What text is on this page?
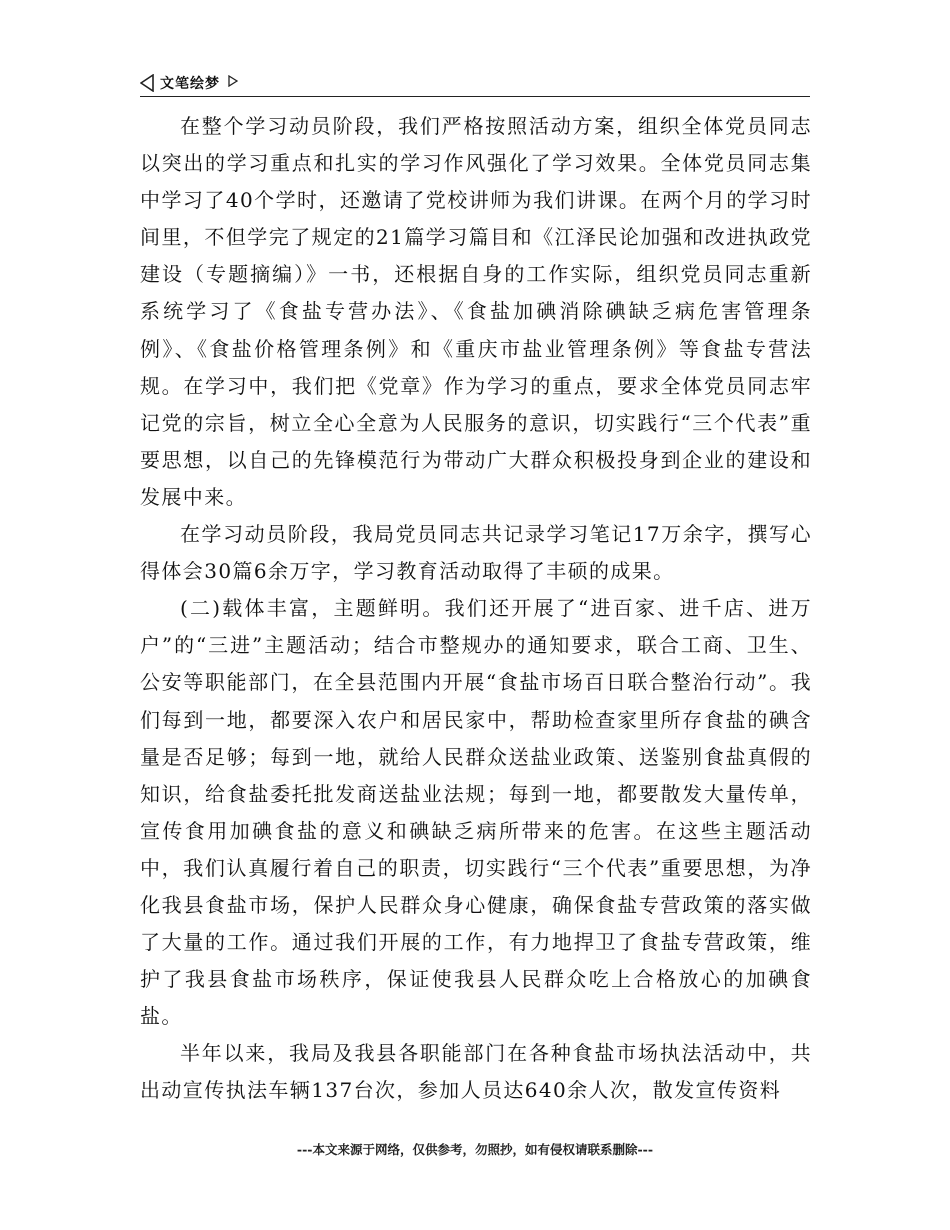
文笔绘梦

在整个学习动员阶段，我们严格按照活动方案，组织全体党员同志以突出的学习重点和扎实的学习作风强化了学习效果。全体党员同志集中学习了40个学时，还邀请了党校讲师为我们讲课。在两个月的学习时间里，不但学完了规定的21篇学习篇目和《江泽民论加强和改进执政党建设（专题摘编）》一书，还根据自身的工作实际，组织党员同志重新系统学习了《食盐专营办法》、《食盐加碘消除碘缺乏病危害管理条例》、《食盐价格管理条例》和《重庆市盐业管理条例》等食盐专营法规。在学习中，我们把《党章》作为学习的重点，要求全体党员同志牢记党的宗旨，树立全心全意为人民服务的意识，切实践行“三个代表”重要思想，以自己的先锋模范行为带动广大群众积极投身到企业的建设和发展中来。

在学习动员阶段，我局党员同志共记录学习笔记17万余字，撰写心得体会30篇6余万字，学习教育活动取得了丰硕的成果。

(二)载体丰富，主题鲜明。我们还开展了“进百家、进千店、进万户”的“三进”主题活动；结合市整规办的通知要求，联合工商、卫生、公安等职能部门，在全县范围内开展“食盐市场百日联合整治行动”。我们每到一地，都要深入农户和居民家中，帮助检查家里所存食盐的碘含量是否足够；每到一地，就给人民群众送盐业政策、送鉴别食盐真假的知识，给食盐委托批发商送盐业法规；每到一地，都要散发大量传单，宣传食用加碘食盐的意义和碘缺乏病所带来的危害。在这些主题活动中，我们认真履行着自己的职责，切实践行“三个代表”重要思想，为净化我县食盐市场，保护人民群众身心健康，确保食盐专营政策的落实做了大量的工作。通过我们开展的工作，有力地捍卫了食盐专营政策，维护了我县食盐市场秩序，保证使我县人民群众吃上合格放心的加碘食盐。

半年以来，我局及我县各职能部门在各种食盐市场执法活动中，共出动宣传执法车辆137台次，参加人员达640余人次，散发宣传资料

---本文来源于网络，仅供参考，勿照抄，如有侵权请联系删除---
